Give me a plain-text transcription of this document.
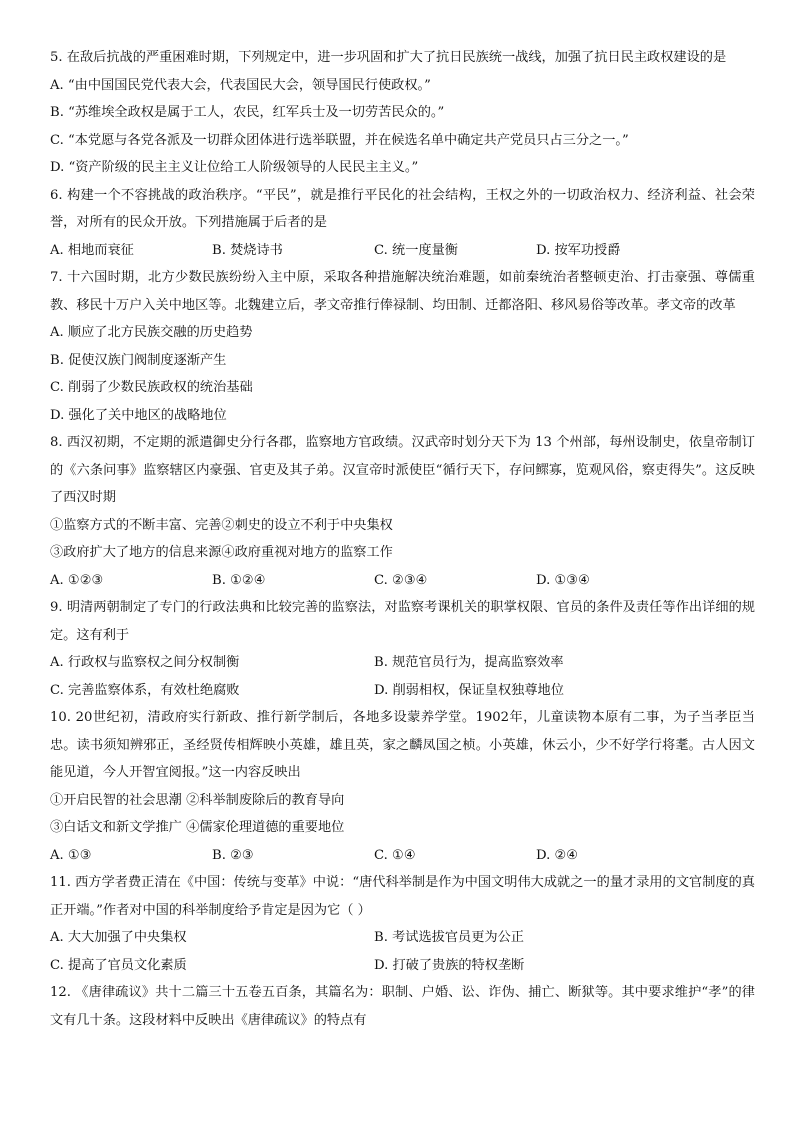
5. 在敌后抗战的严重困难时期，下列规定中，进一步巩固和扩大了抗日民族统一战线，加强了抗日民主政权建设的是
A. “由中国国民党代表大会，代表国民大会，领导国民行使政权。”
B. “苏维埃全政权是属于工人，农民，红军兵士及一切劳苦民众的。”
C. “本党愿与各党各派及一切群众团体进行选举联盟，并在候选名单中确定共产党员只占三分之一。”
D. “资产阶级的民主主义让位给工人阶级领导的人民民主主义。”
6. 构建一个不容挑战的政治秩序。“平民”，就是推行平民化的社会结构，王权之外的一切政治权力、经济利益、社会荣誉，对所有的民众开放。下列措施属于后者的是
A. 相地而衰征	B. 焚烧诗书	C. 统一度量衡	D. 按军功授爵
7. 十六国时期，北方少数民族纷纷入主中原，采取各种措施解决统治难题，如前秦统治者整顿吏治、打击豪强、尊儒重教、移民十万户入关中地区等。北魏建立后，孝文帝推行俸禄制、均田制、迁都洛阳、移风易俗等改革。孝文帝的改革
A. 顺应了北方民族交融的历史趋势
B. 促使汉族门阀制度逐渐产生
C. 削弱了少数民族政权的统治基础
D. 强化了关中地区的战略地位
8. 西汉初期，不定期的派遣御史分行各郡，监察地方官政绩。汉武帝时划分天下为 13 个州部，每州设制史，依皇帝制订的《六条问事》监察辖区内豪强、官吏及其子弟。汉宣帝时派使臣“循行天下，存问鳏寡，览观风俗，察吏得失”。这反映了西汉时期
①监察方式的不断丰富、完善②刺史的设立不利于中央集权
③政府扩大了地方的信息来源④政府重视对地方的监察工作
A. ①②③	B. ①②④	C. ②③④	D. ①③④
9. 明清两朝制定了专门的行政法典和比较完善的监察法，对监察考课机关的职掌权限、官员的条件及责任等作出详细的规定。这有利于
A. 行政权与监察权之间分权制衡	B. 规范官员行为，提高监察效率
C. 完善监察体系，有效杜绝腐败	D. 削弱相权，保证皇权独尊地位
10. 20世纪初，清政府实行新政、推行新学制后，各地多设蒙养学堂。1902年，儿童读物本原有二事，为子当孝臣当忠。读书须知辨邪正，圣经贤传相辉映小英雄，雄且英，家之麟凤国之桢。小英雄，休云小，少不好学行将耄。古人因文能见道，今人开智宜阅报。”这一内容反映出
①开启民智的社会思潮 ②科举制废除后的教育导向
③白话文和新文学推广 ④儒家伦理道德的重要地位
A. ①③	B. ②③	C. ①④	D. ②④
11. 西方学者费正清在《中国：传统与变革》中说：“唐代科举制是作为中国文明伟大成就之一的量才录用的文官制度的真正开端。”作者对中国的科举制度给予肯定是因为它（ ）
A. 大大加强了中央集权	B. 考试选拔官员更为公正
C. 提高了官员文化素质	D. 打破了贵族的特权垄断
12. 《唐律疏议》共十二篇三十五卷五百条，其篇名为：职制、户婚、讼、诈伪、捕亡、断狱等。其中要求维护“孝”的律文有几十条。这段材料中反映出《唐律疏议》的特点有
